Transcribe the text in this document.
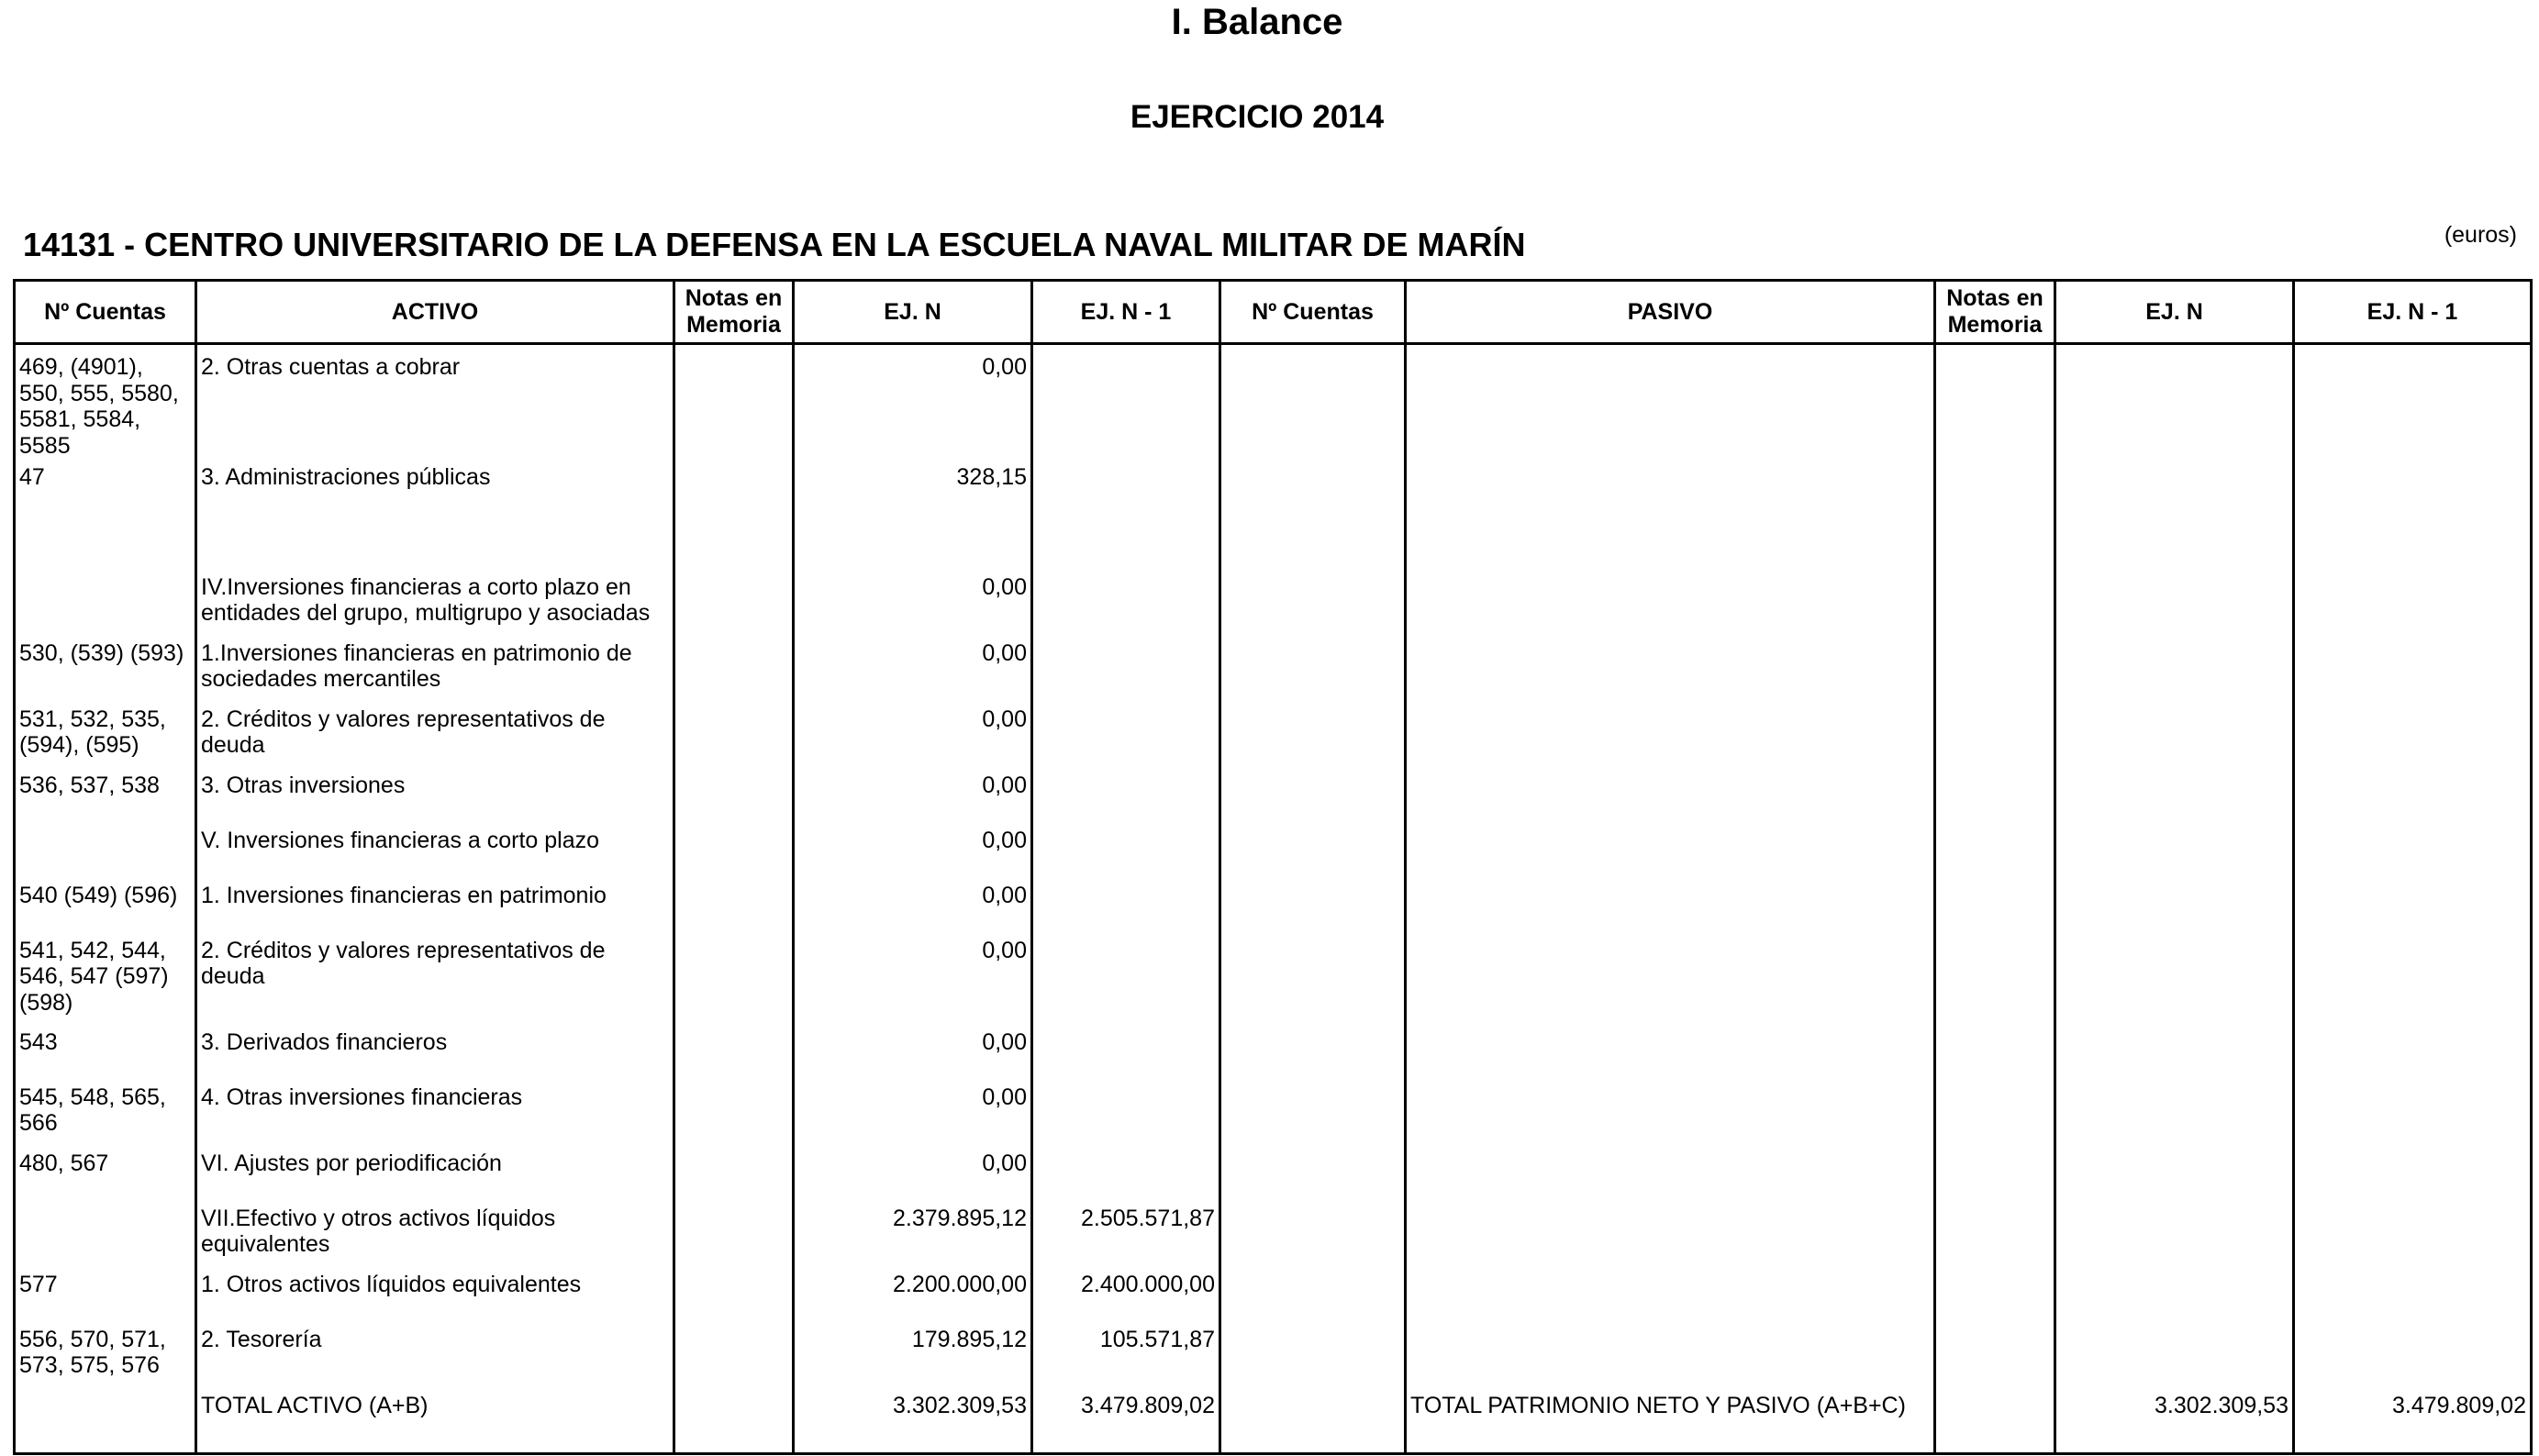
I. Balance
EJERCICIO 2014
14131 - CENTRO UNIVERSITARIO DE LA DEFENSA EN LA ESCUELA NAVAL MILITAR DE MARÍN	(euros)
Nº Cuentas	ACTIVO	Notas en Memoria	EJ. N	EJ. N - 1	Nº Cuentas	PASIVO	Notas en Memoria	EJ. N	EJ. N - 1
469, (4901), 550, 555, 5580, 5581, 5584, 5585	2. Otras cuentas a cobrar		0,00						
47	3. Administraciones públicas		328,15						
	IV.Inversiones financieras a corto plazo en entidades del grupo, multigrupo y asociadas		0,00						
530, (539) (593)	1.Inversiones financieras en patrimonio de sociedades mercantiles		0,00						
531, 532, 535, (594), (595)	2. Créditos y valores representativos de deuda		0,00						
536, 537, 538	3. Otras inversiones		0,00						
	V. Inversiones financieras a corto plazo		0,00						
540 (549) (596)	1. Inversiones financieras en patrimonio		0,00						
541, 542, 544, 546, 547 (597) (598)	2. Créditos y valores representativos de deuda		0,00						
543	3. Derivados financieros		0,00						
545, 548, 565, 566	4. Otras inversiones financieras		0,00						
480, 567	VI. Ajustes por periodificación		0,00						
	VII.Efectivo y otros activos líquidos equivalentes		2.379.895,12	2.505.571,87					
577	1. Otros activos líquidos equivalentes		2.200.000,00	2.400.000,00					
556, 570, 571, 573, 575, 576	2. Tesorería		179.895,12	105.571,87					
	TOTAL ACTIVO (A+B)		3.302.309,53	3.479.809,02		TOTAL PATRIMONIO NETO Y PASIVO (A+B+C)		3.302.309,53	3.479.809,02
